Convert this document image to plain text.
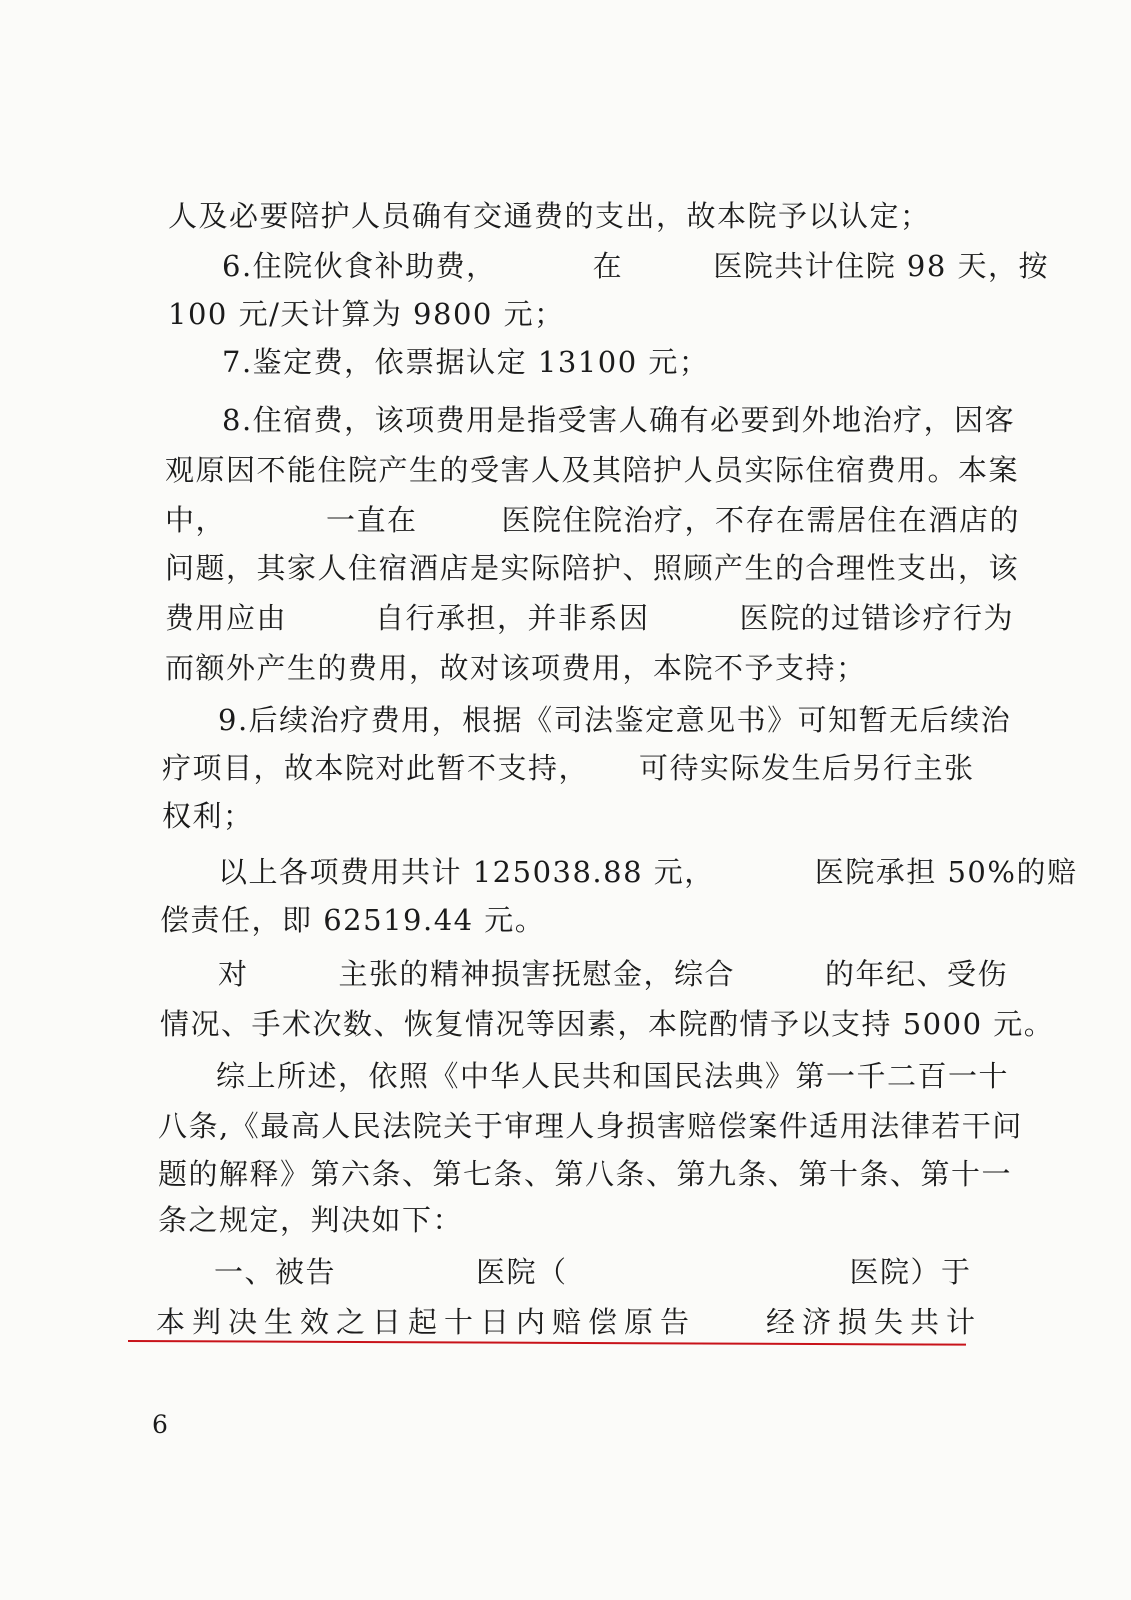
人及必要陪护人员确有交通费的支出，故本院予以认定；
6.住院伙食补助费，	在	医院共计住院 98 天，按
100 元/天计算为 9800 元；
7.鉴定费，依票据认定 13100 元；
8.住宿费，该项费用是指受害人确有必要到外地治疗，因客
观原因不能住院产生的受害人及其陪护人员实际住宿费用。本案
中，	一直在	医院住院治疗，不存在需居住在酒店的
问题，其家人住宿酒店是实际陪护、照顾产生的合理性支出，该
费用应由	自行承担，并非系因	医院的过错诊疗行为
而额外产生的费用，故对该项费用，本院不予支持；
9.后续治疗费用，根据《司法鉴定意见书》可知暂无后续治
疗项目，故本院对此暂不支持， 可待实际发生后另行主张
权利；
以上各项费用共计 125038.88 元，	医院承担 50%的赔
偿责任，即 62519.44 元。
对	主张的精神损害抚慰金，综合	的年纪、受伤
情况、手术次数、恢复情况等因素，本院酌情予以支持 5000 元。
综上所述，依照《中华人民共和国民法典》第一千二百一十
八条,《最高人民法院关于审理人身损害赔偿案件适用法律若干问
题的解释》第六条、第七条、第八条、第九条、第十条、第十一
条之规定，判决如下：
一、被告	医院（	医院）于
本判决生效之日起十日内赔偿原告 经济损失共计
6
